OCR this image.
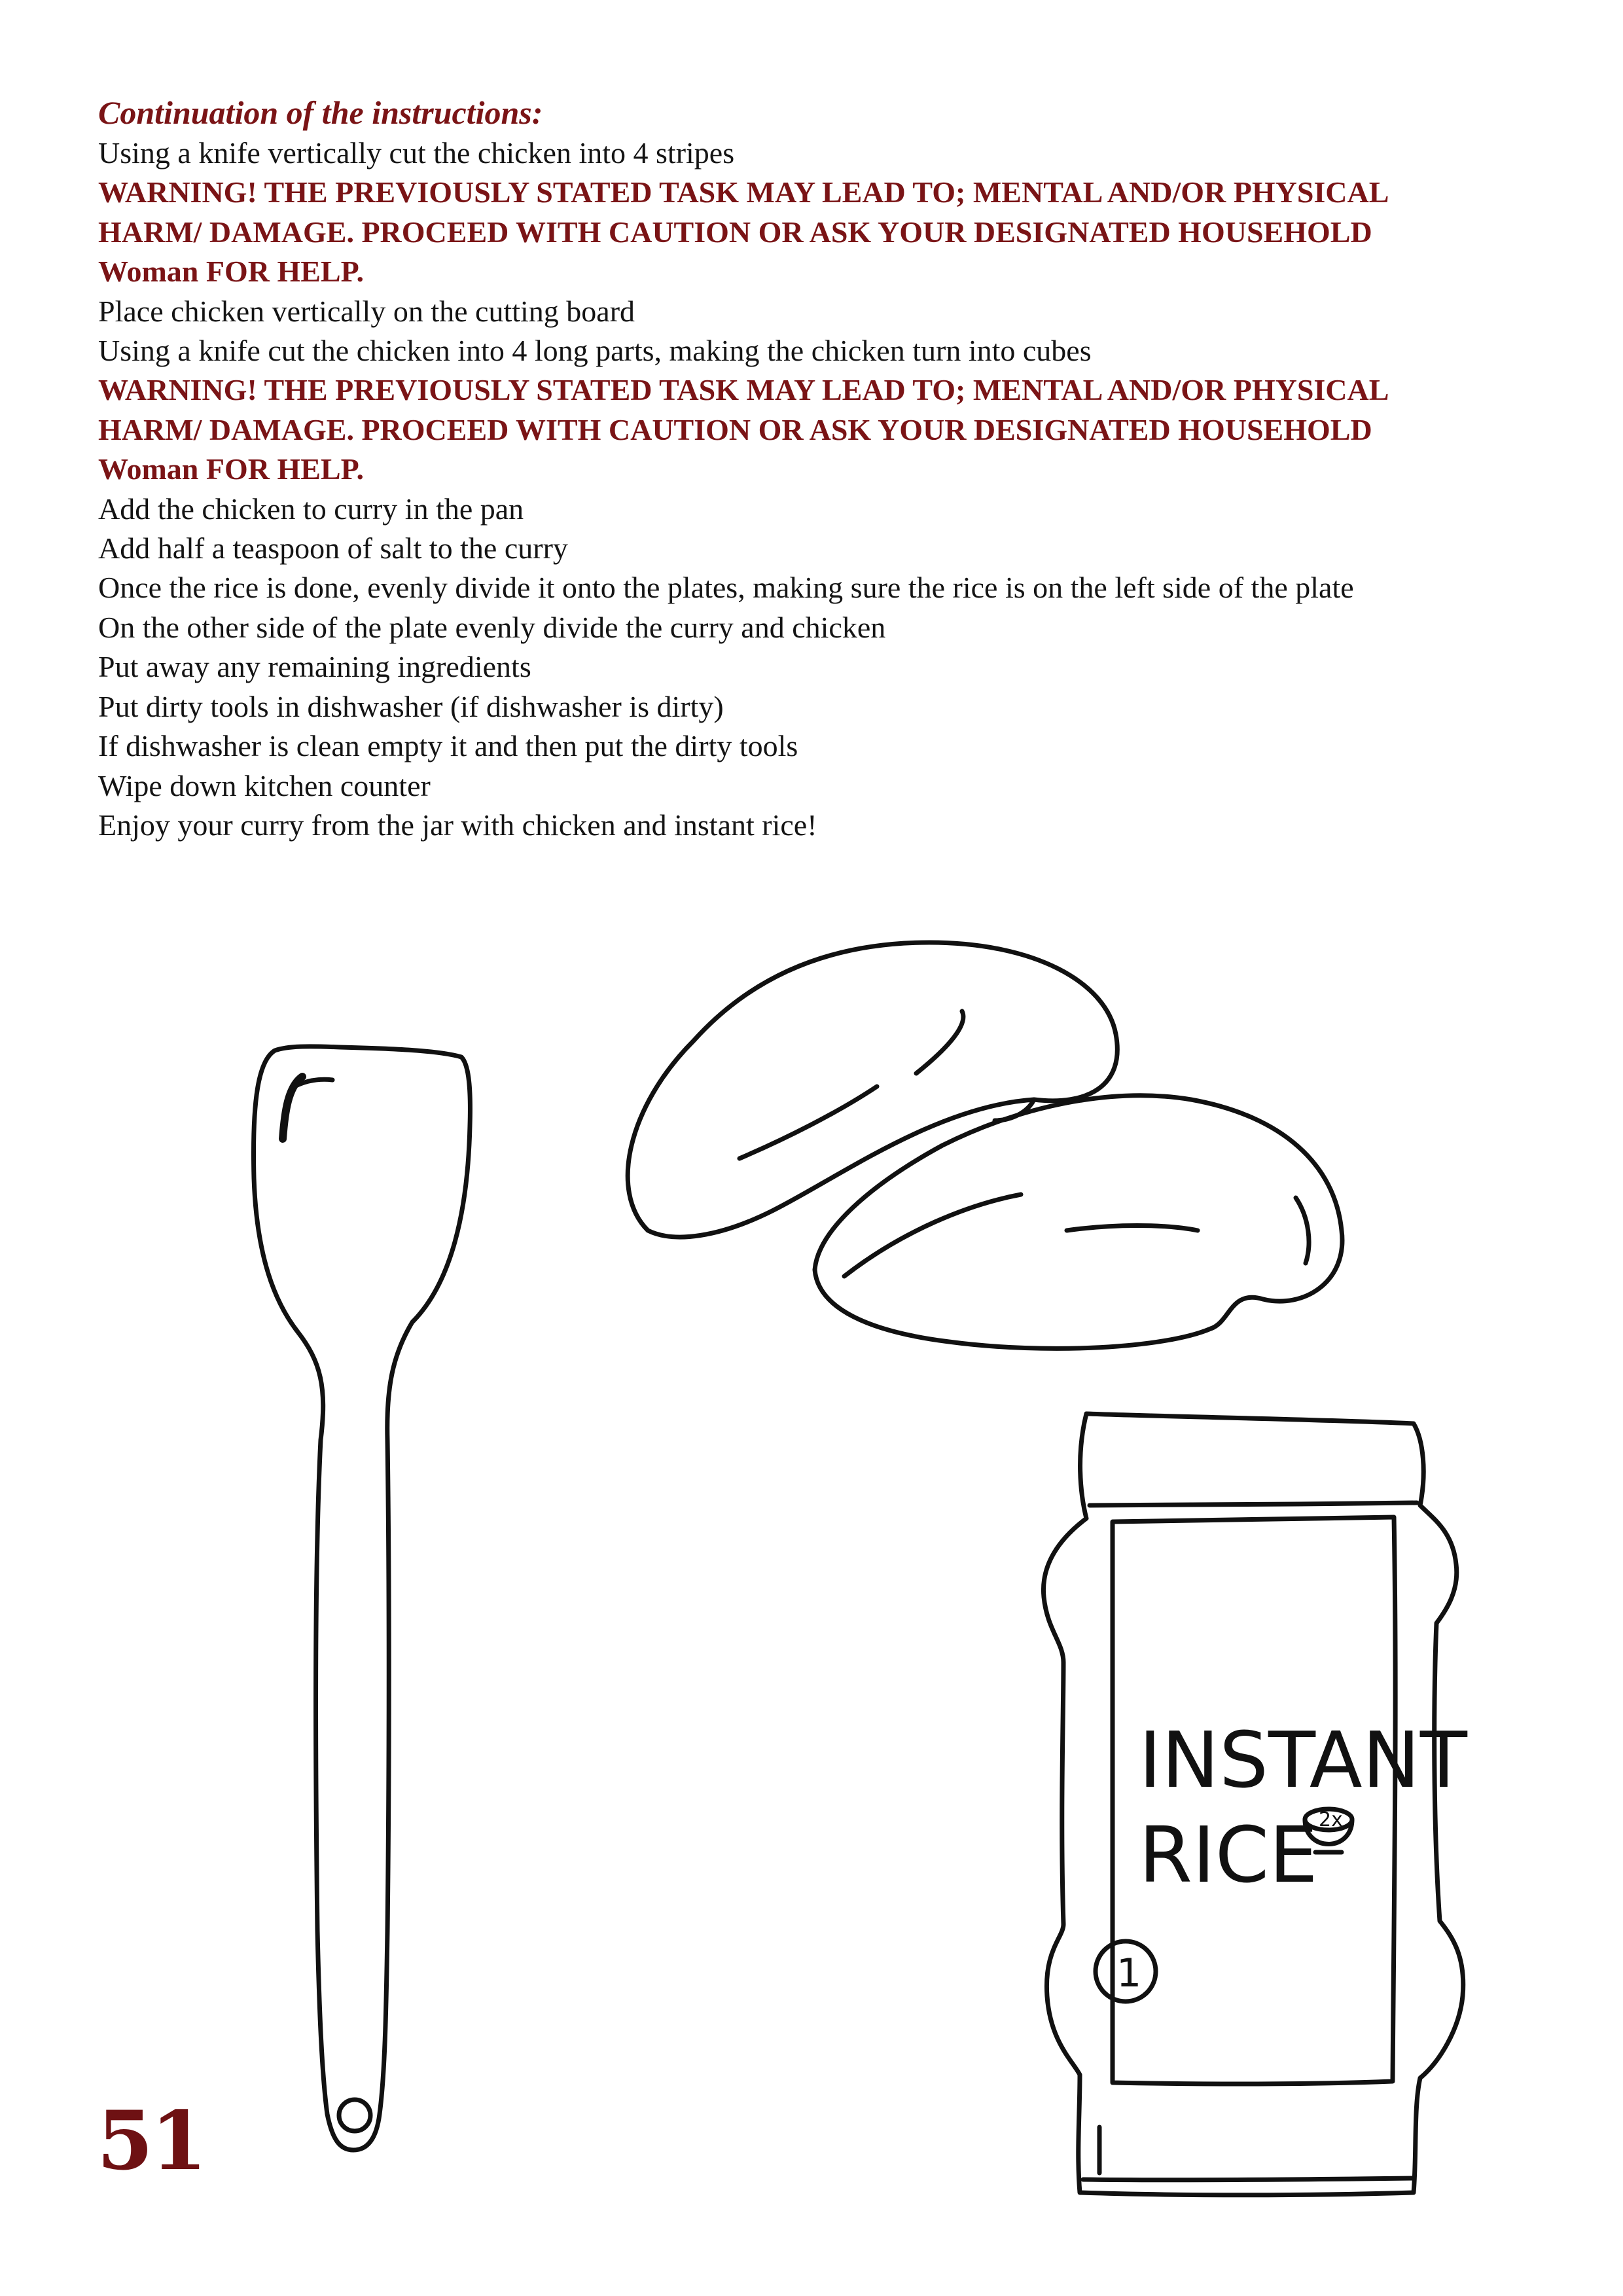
Continuation of the instructions:

Using a knife vertically cut the chicken into 4 stripes
WARNING! THE PREVIOUSLY STATED TASK MAY LEAD TO; MENTAL AND/OR PHYSICAL
HARM/ DAMAGE. PROCEED WITH CAUTION OR ASK YOUR DESIGNATED HOUSEHOLD
Woman FOR HELP.
Place chicken vertically on the cutting board
Using a knife cut the chicken into 4 long parts, making the chicken turn into cubes
WARNING! THE PREVIOUSLY STATED TASK MAY LEAD TO; MENTAL AND/OR PHYSICAL
HARM/ DAMAGE. PROCEED WITH CAUTION OR ASK YOUR DESIGNATED HOUSEHOLD
Woman FOR HELP.
Add the chicken to curry in the pan
Add half a teaspoon of salt to the curry
Once the rice is done, evenly divide it onto the plates, making sure the rice is on the left side of the plate
On the other side of the plate evenly divide the curry and chicken
Put away any remaining ingredients
Put dirty tools in dishwasher (if dishwasher is dirty)
If dishwasher is clean empty it and then put the dirty tools
Wipe down kitchen counter
Enjoy your curry from the jar with chicken and instant rice!
INSTANT
RICE 2x
1
51
